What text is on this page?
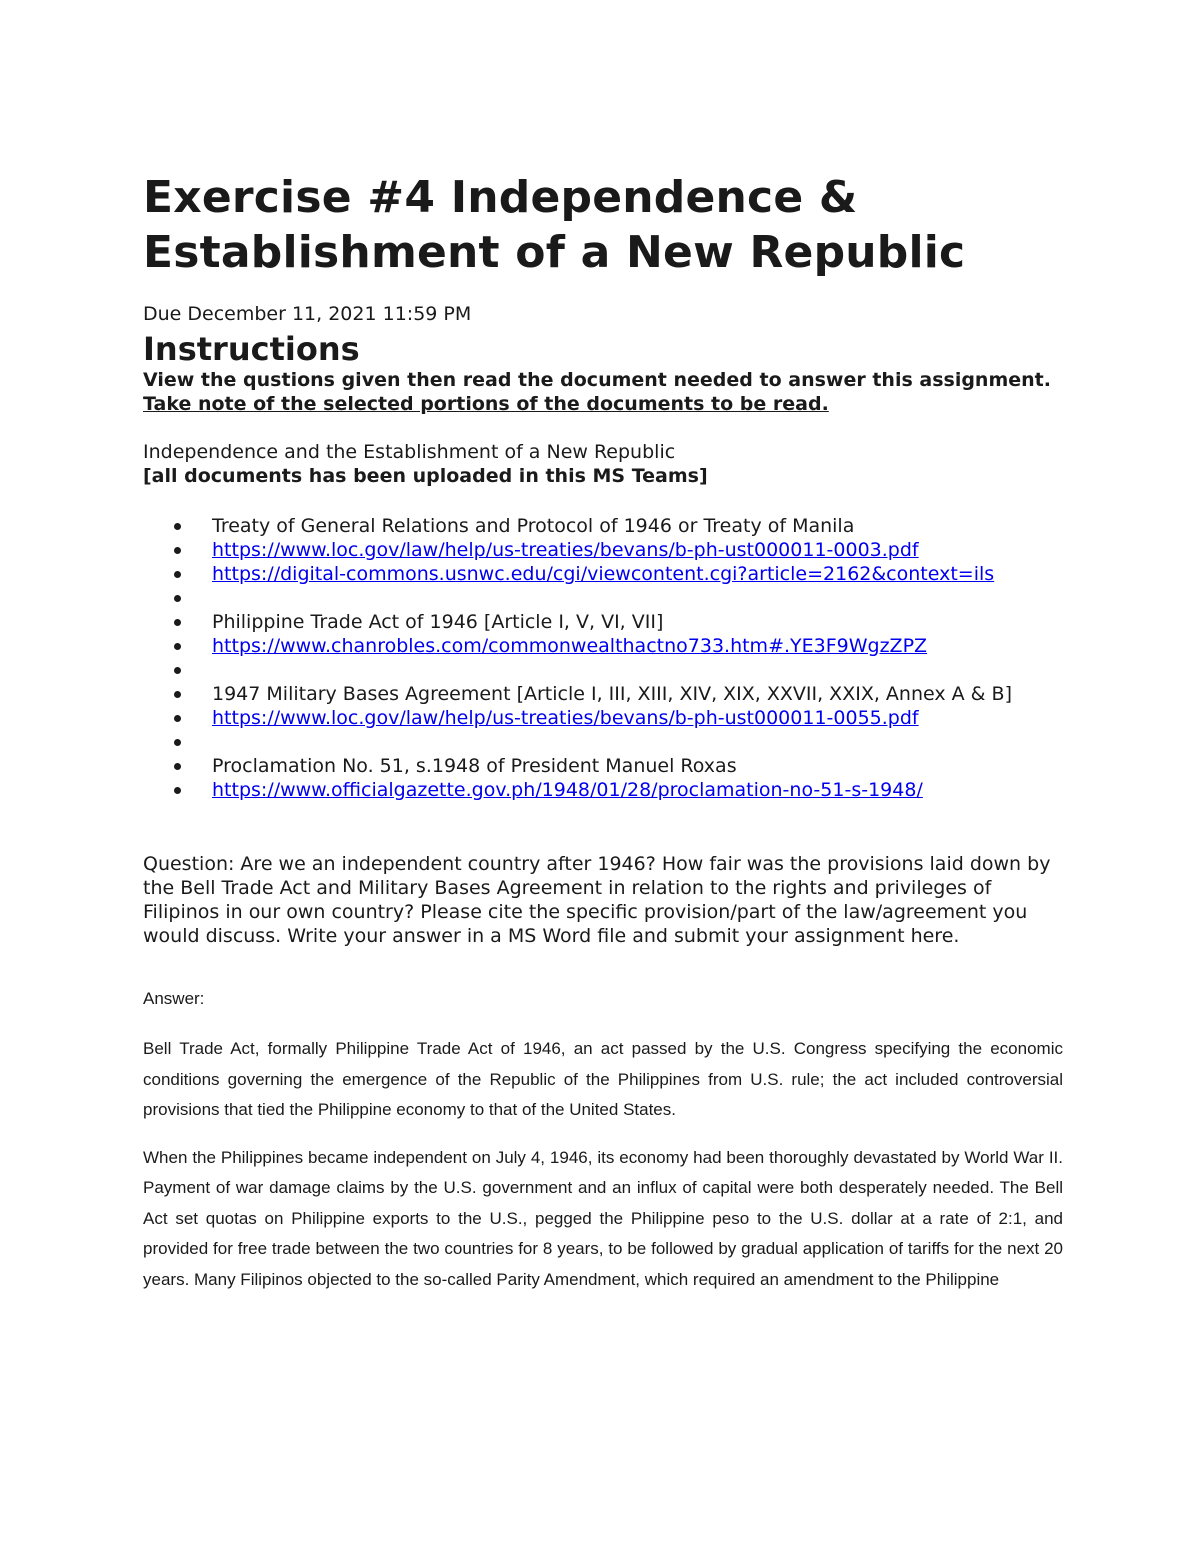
Exercise #4 Independence & Establishment of a New Republic

Due December 11, 2021 11:59 PM

Instructions

View the qustions given then read the document needed to answer this assignment. Take note of the selected portions of the documents to be read.

Independence and the Establishment of a New Republic
[all documents has been uploaded in this MS Teams]
Treaty of General Relations and Protocol of 1946 or Treaty of Manila
https://www.loc.gov/law/help/us-treaties/bevans/b-ph-ust000011-0003.pdf
https://digital-commons.usnwc.edu/cgi/viewcontent.cgi?article=2162&context=ils
Philippine Trade Act of 1946 [Article I, V, VI, VII]
https://www.chanrobles.com/commonwealthactno733.htm#.YE3F9WgzZPZ
1947 Military Bases Agreement [Article I, III, XIII, XIV, XIX, XXVII, XXIX, Annex A & B]
https://www.loc.gov/law/help/us-treaties/bevans/b-ph-ust000011-0055.pdf
Proclamation No. 51, s.1948 of President Manuel Roxas
https://www.officialgazette.gov.ph/1948/01/28/proclamation-no-51-s-1948/

Question: Are we an independent country after 1946? How fair was the provisions laid down by the Bell Trade Act and Military Bases Agreement in relation to the rights and privileges of Filipinos in our own country? Please cite the specific provision/part of the law/agreement you would discuss. Write your answer in a MS Word file and submit your assignment here.

Answer:

Bell Trade Act, formally Philippine Trade Act of 1946, an act passed by the U.S. Congress specifying the economic conditions governing the emergence of the Republic of the Philippines from U.S. rule; the act included controversial provisions that tied the Philippine economy to that of the United States.

When the Philippines became independent on July 4, 1946, its economy had been thoroughly devastated by World War II. Payment of war damage claims by the U.S. government and an influx of capital were both desperately needed. The Bell Act set quotas on Philippine exports to the U.S., pegged the Philippine peso to the U.S. dollar at a rate of 2:1, and provided for free trade between the two countries for 8 years, to be followed by gradual application of tariffs for the next 20 years. Many Filipinos objected to the so-called Parity Amendment, which required an amendment to the Philippine
